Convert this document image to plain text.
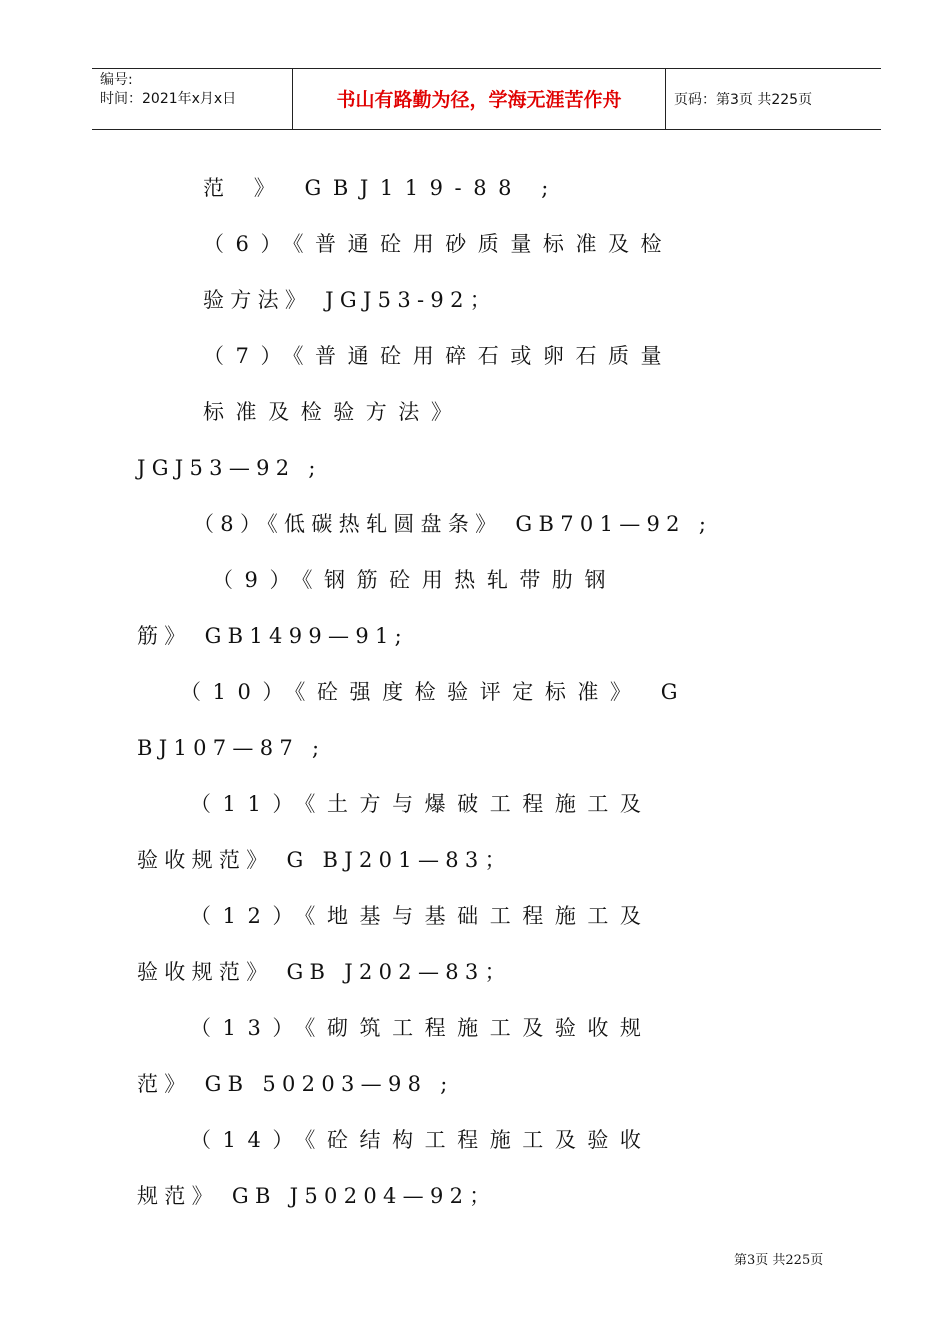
编号:
时间：2021年x月x日	书山有路勤为径，学海无涯苦作舟	页码：第3页 共225页
范 》 GBJ119-88 ;
（6）《普通砼用砂质量标准及检
验方法》 JGJ53-92；
（7）《普通砼用碎石或卵石质量
标准及检验方法》
JGJ53—92 ;
（8）《低碳热轧圆盘条》 GB701—92 ;
（9）《钢筋砼用热轧带肋钢
筋》 GB1499—91;
（10）《砼强度检验评定标准》 G
BJ107—87 ;
（11）《土方与爆破工程施工及
验收规范》 G BJ201—83；
（12）《地基与基础工程施工及
验收规范》 GB J202—83；
（13）《砌筑工程施工及验收规
范》 GB 50203—98 ;
（14）《砼结构工程施工及验收
规范》 GB J50204—92；
第3页 共225页
